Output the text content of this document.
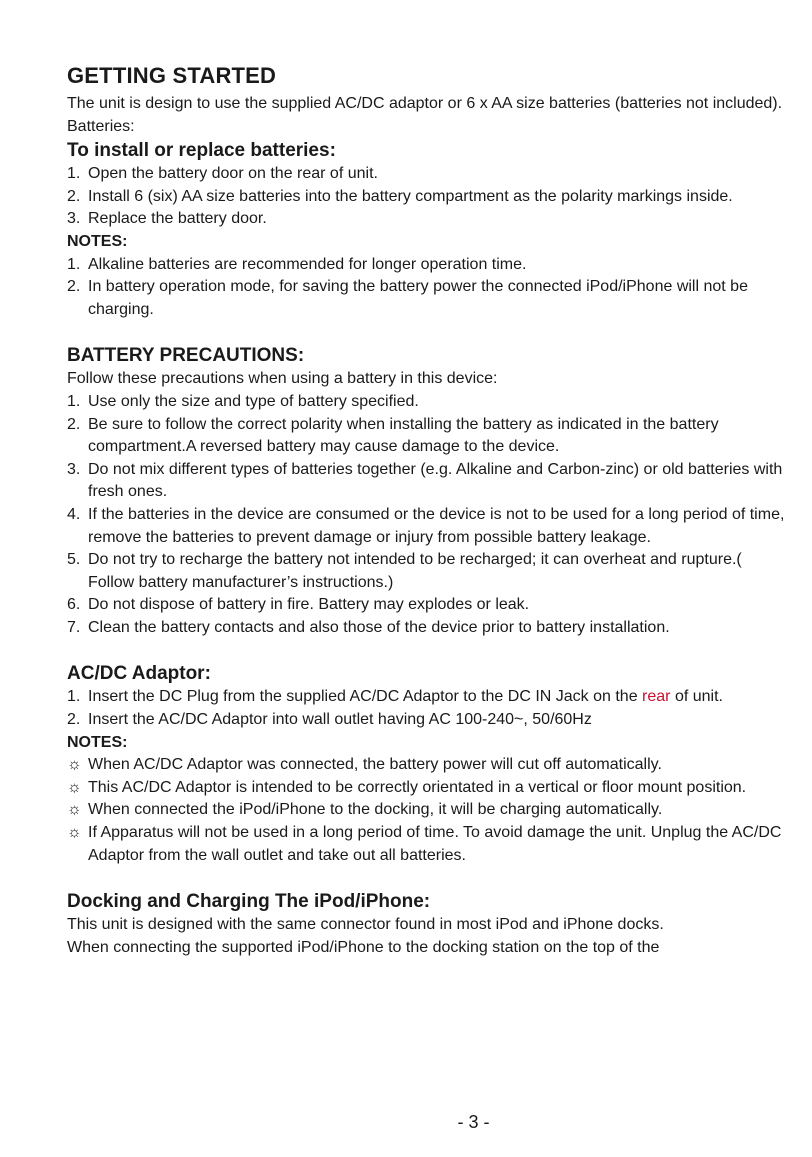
GETTING STARTED

The unit is design to use the supplied AC/DC adaptor or 6 x AA size batteries (batteries not included).

Batteries:

To install or replace batteries:
1. Open the battery door on the rear of unit.
2. Install 6 (six) AA size batteries into the battery compartment as the polarity markings inside.
3. Replace the battery door.

NOTES:

1. Alkaline batteries are recommended for longer operation time.
2. In battery operation mode, for saving the battery power the connected iPod/iPhone will not be charging.
BATTERY PRECAUTIONS:

Follow these precautions when using a battery in this device:

1. Use only the size and type of battery specified.
2. Be sure to follow the correct polarity when installing the battery as indicated in the battery compartment.A reversed battery may cause damage to the device.
3. Do not mix different types of batteries together (e.g. Alkaline and Carbon-zinc) or old batteries with fresh ones.
4. If the batteries in the device are consumed or the device is not to be used for a long period of time, remove the batteries to prevent damage or injury from possible battery leakage.
5. Do not try to recharge the battery not intended to be recharged; it can overheat and rupture.( Follow battery manufacturer’s instructions.)
6. Do not dispose of battery in fire. Battery may explodes or leak.
7. Clean the battery contacts and also those of the device prior to battery installation.
AC/DC Adaptor:
1. Insert the DC Plug from the supplied AC/DC Adaptor to the DC IN Jack on the rear of unit.
2. Insert the AC/DC Adaptor into wall outlet having AC 100-240~, 50/60Hz

NOTES:

☼ When AC/DC Adaptor was connected, the battery power will cut off automatically.
☼ This AC/DC Adaptor is intended to be correctly orientated in a vertical or floor mount position.
☼ When connected the iPod/iPhone to the docking, it will be charging automatically.
☼ If Apparatus will not be used in a long period of time. To avoid damage the unit. Unplug the AC/DC Adaptor from the wall outlet and take out all batteries.
Docking and Charging The iPod/iPhone:

This unit is designed with the same connector found in most iPod and iPhone docks.

When connecting the supported iPod/iPhone to the docking station on the top of the

- 3 -
